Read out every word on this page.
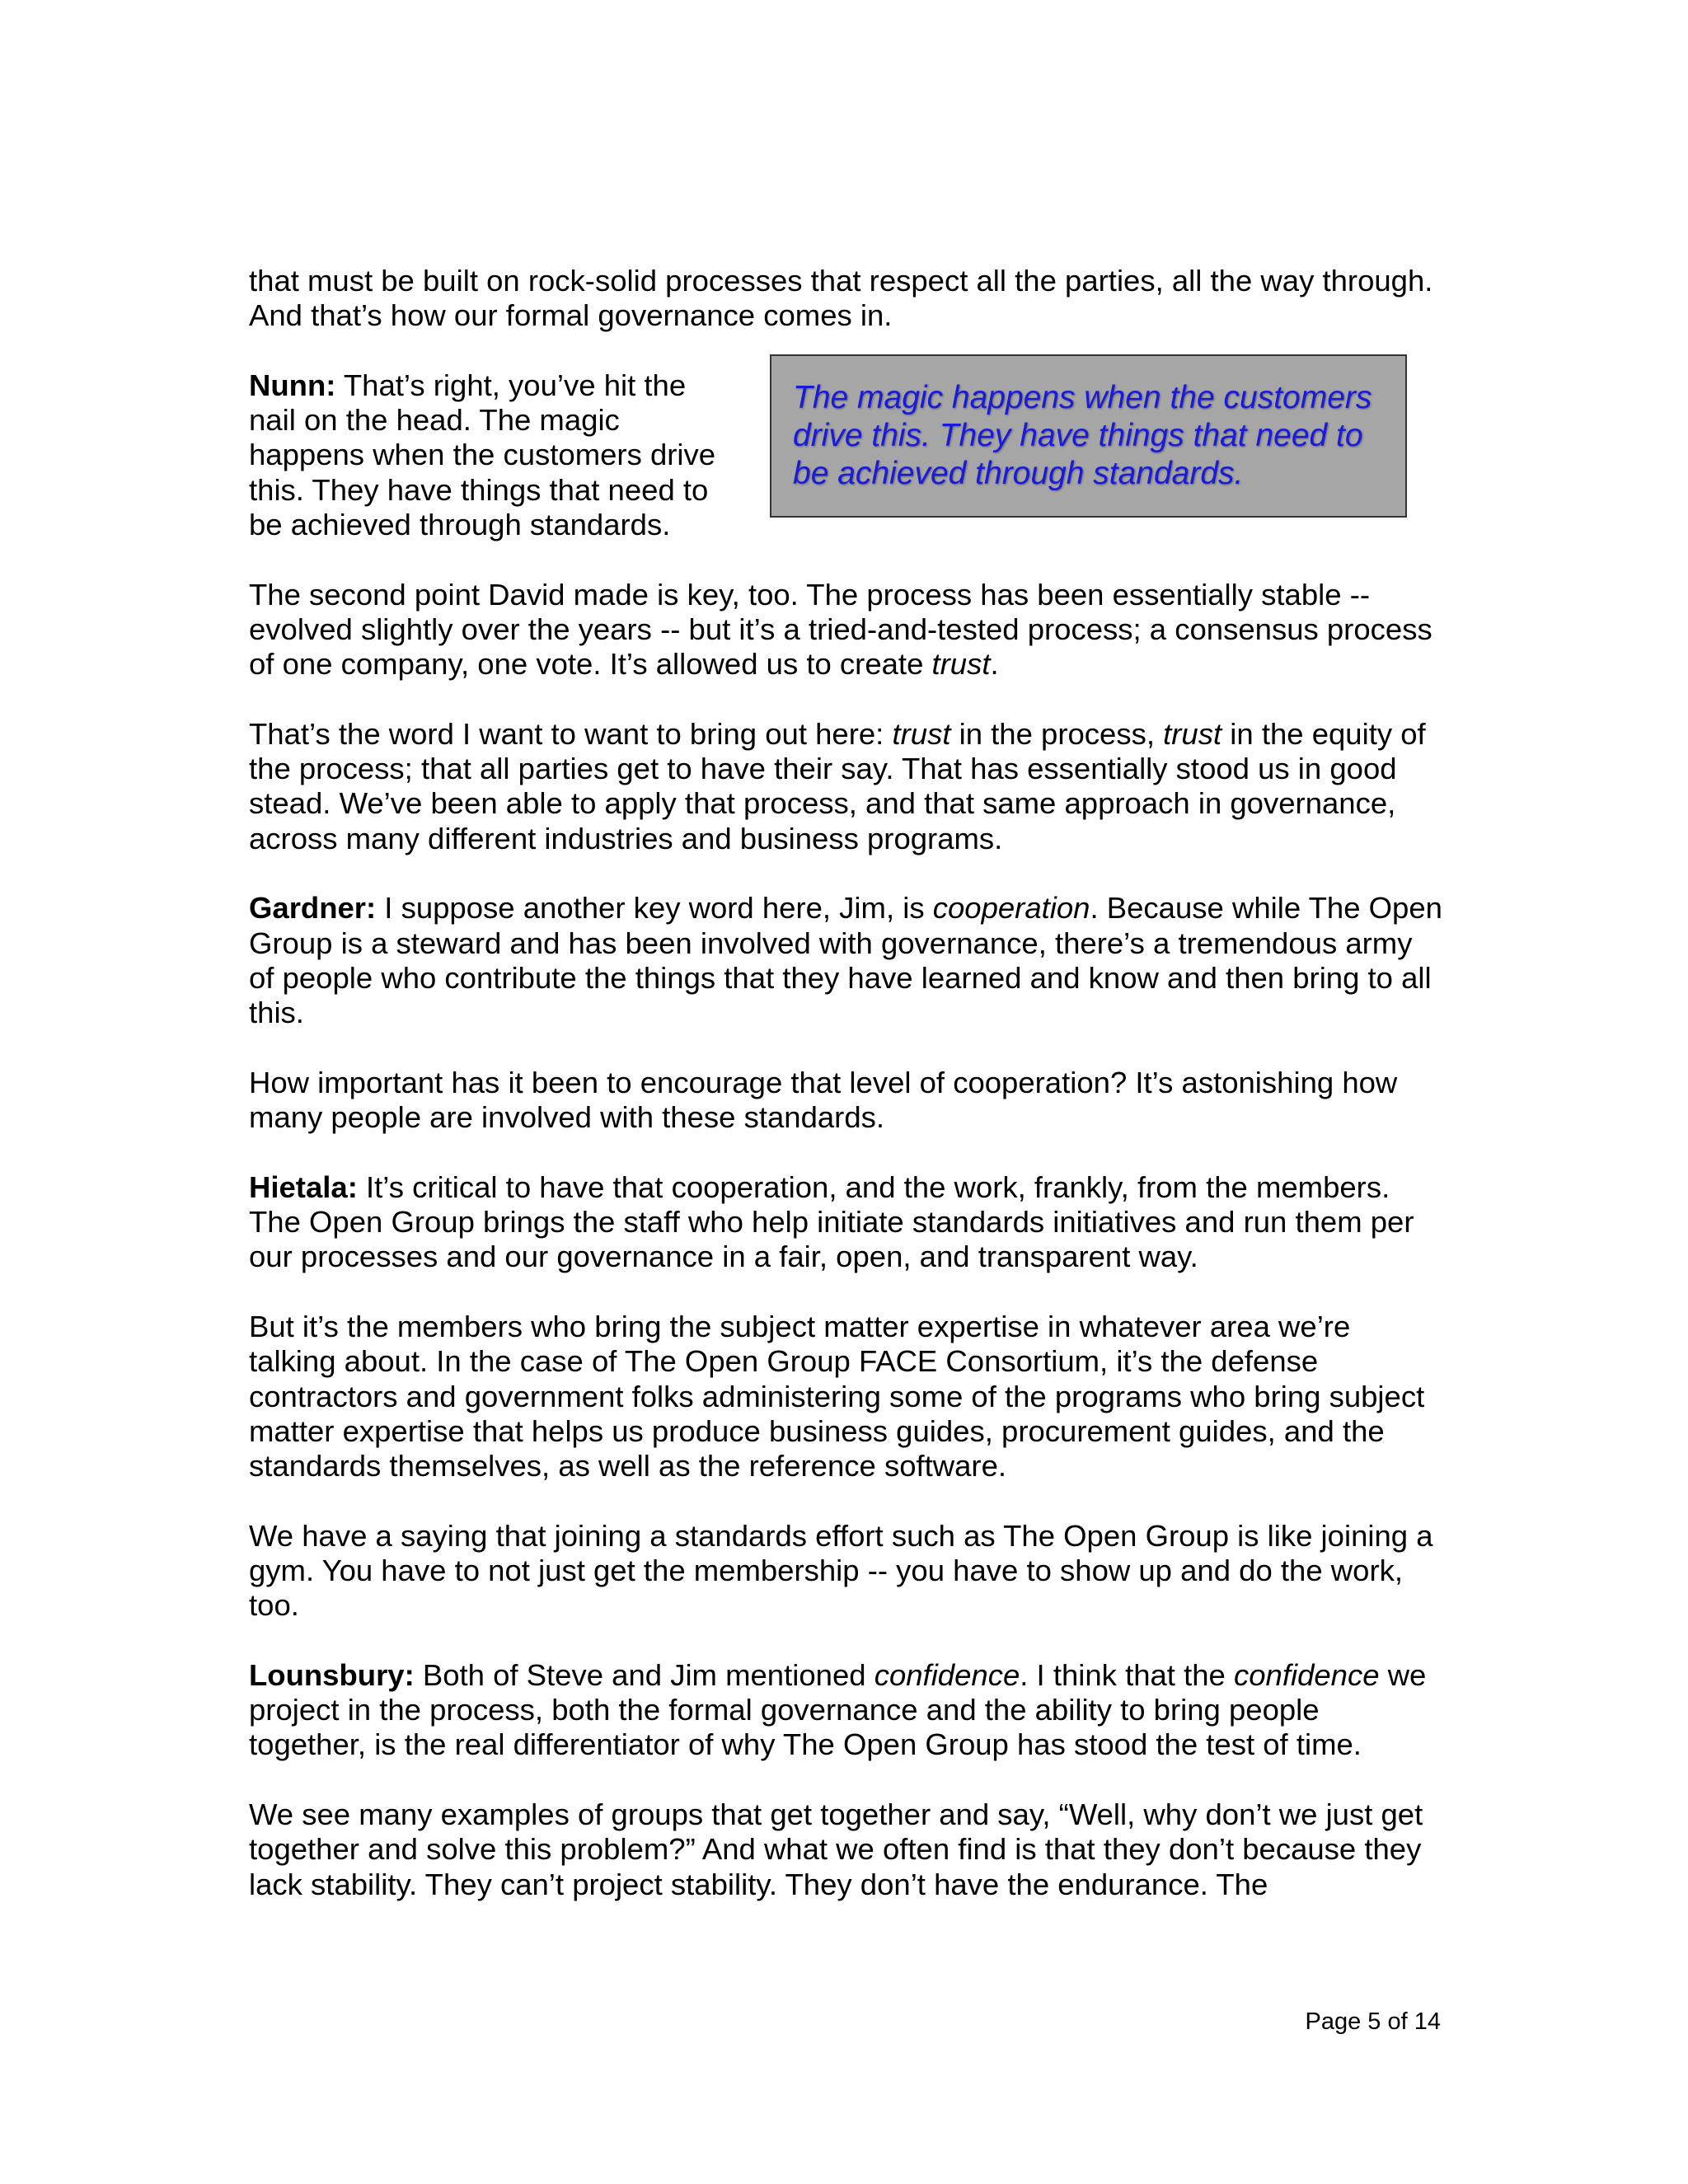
that must be built on rock-solid processes that respect all the parties, all the way through. And that’s how our formal governance comes in.

Nunn: That’s right, you’ve hit the nail on the head. The magic happens when the customers drive this. They have things that need to be achieved through standards.
The magic happens when the customers drive this. They have things that need to be achieved through standards.

The second point David made is key, too. The process has been essentially stable -- evolved slightly over the years -- but it’s a tried-and-tested process; a consensus process of one company, one vote. It’s allowed us to create trust.

That’s the word I want to want to bring out here: trust in the process, trust in the equity of the process; that all parties get to have their say. That has essentially stood us in good stead. We’ve been able to apply that process, and that same approach in governance, across many different industries and business programs.

Gardner: I suppose another key word here, Jim, is cooperation. Because while The Open Group is a steward and has been involved with governance, there’s a tremendous army of people who contribute the things that they have learned and know and then bring to all this.

How important has it been to encourage that level of cooperation? It’s astonishing how many people are involved with these standards.

Hietala: It’s critical to have that cooperation, and the work, frankly, from the members. The Open Group brings the staff who help initiate standards initiatives and run them per our processes and our governance in a fair, open, and transparent way.

But it’s the members who bring the subject matter expertise in whatever area we’re talking about. In the case of The Open Group FACE Consortium, it’s the defense contractors and government folks administering some of the programs who bring subject matter expertise that helps us produce business guides, procurement guides, and the standards themselves, as well as the reference software.

We have a saying that joining a standards effort such as The Open Group is like joining a gym. You have to not just get the membership -- you have to show up and do the work, too.

Lounsbury: Both of Steve and Jim mentioned confidence. I think that the confidence we project in the process, both the formal governance and the ability to bring people together, is the real differentiator of why The Open Group has stood the test of time.

We see many examples of groups that get together and say, “Well, why don’t we just get together and solve this problem?” And what we often find is that they don’t because they lack stability. They can’t project stability. They don’t have the endurance. The

Page 5 of 14
